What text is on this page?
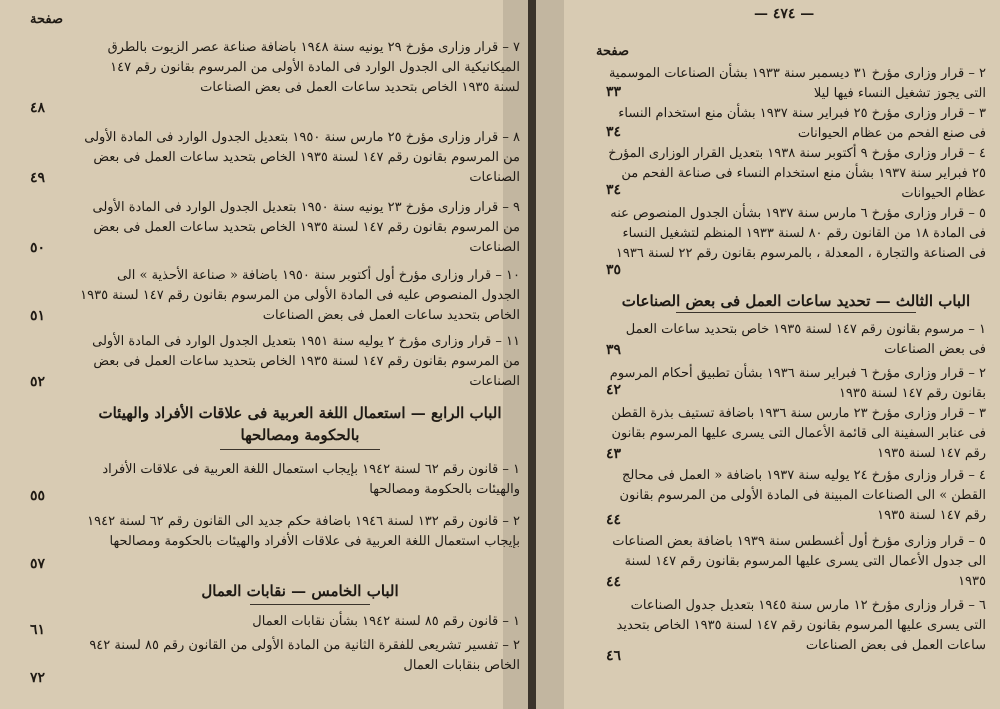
صفحة
٧ – قرار وزارى مؤرخ ٢٩ يونيه سنة ١٩٤٨ باضافة صناعة عصر الزيوت بالطرق الميكانيكية الى الجدول الوارد فى المادة الأولى من المرسوم بقانون رقم ١٤٧ لسنة ١٩٣٥ الخاص بتحديد ساعات العمل فى بعض الصناعات
٤٨
٨ – قرار وزارى مؤرخ ٢٥ مارس سنة ١٩٥٠ بتعديل الجدول الوارد فى المادة الأولى من المرسوم بقانون رقم ١٤٧ لسنة ١٩٣٥ الخاص بتحديد ساعات العمل فى بعض الصناعات
٤٩
٩ – قرار وزارى مؤرخ ٢٣ يونيه سنة ١٩٥٠ بتعديل الجدول الوارد فى المادة الأولى من المرسوم بقانون رقم ١٤٧ لسنة ١٩٣٥ الخاص بتحديد ساعات العمل فى بعض الصناعات
٥٠
١٠ – قرار وزارى مؤرخ أول أكتوبر سنة ١٩٥٠ باضافة « صناعة الأحذية » الى الجدول المنصوص عليه فى المادة الأولى من المرسوم بقانون رقم ١٤٧ لسنة ١٩٣٥ الخاص بتحديد ساعات العمل فى بعض الصناعات
٥١
١١ – قرار وزارى مؤرخ ٢ يوليه سنة ١٩٥١ بتعديل الجدول الوارد فى المادة الأولى من المرسوم بقانون رقم ١٤٧ لسنة ١٩٣٥ الخاص بتحديد ساعات العمل فى بعض الصناعات
٥٢
الباب الرابع — استعمال اللغة العربية فى علاقات الأفراد والهيئات بالحكومة ومصالحها
١ – قانون رقم ٦٢ لسنة ١٩٤٢ بإيجاب استعمال اللغة العربية فى علاقات الأفراد والهيئات بالحكومة ومصالحها
٥٥
٢ – قانون رقم ١٣٢ لسنة ١٩٤٦ باضافة حكم جديد الى القانون رقم ٦٢ لسنة ١٩٤٢ بإيجاب استعمال اللغة العربية فى علاقات الأفراد والهيئات بالحكومة ومصالحها
٥٧
الباب الخامس — نقابات العمال
١ – قانون رقم ٨٥ لسنة ١٩٤٢ بشأن نقابات العمال
٦١
٢ – تفسير تشريعى للفقرة الثانية من المادة الأولى من القانون رقم ٨٥ لسنة ٩٤٢ الخاص بنقابات العمال
٧٢
— ٤٧٤ —
صفحة
٢ – قرار وزارى مؤرخ ٣١ ديسمبر سنة ١٩٣٣ بشأن الصناعات الموسمية التى يجوز تشغيل النساء فيها ليلا
٣٣
٣ – قرار وزارى مؤرخ ٢٥ فبراير سنة ١٩٣٧ بشأن منع استخدام النساء فى صنع الفحم من عظام الحيوانات
٣٤
٤ – قرار وزارى مؤرخ ٩ أكتوبر سنة ١٩٣٨ بتعديل القرار الوزارى المؤرخ ٢٥ فبراير سنة ١٩٣٧ بشأن منع استخدام النساء فى صناعة الفحم من عظام الحيوانات
٣٤
٥ – قرار وزارى مؤرخ ٦ مارس سنة ١٩٣٧ بشأن الجدول المنصوص عنه فى المادة ١٨ من القانون رقم ٨٠ لسنة ١٩٣٣ المنظم لتشغيل النساء فى الصناعة والتجارة ، المعدلة ، بالمرسوم بقانون رقم ٢٢ لسنة ١٩٣٦
٣٥
الباب الثالث — تحديد ساعات العمل فى بعض الصناعات
١ – مرسوم بقانون رقم ١٤٧ لسنة ١٩٣٥ خاص بتحديد ساعات العمل فى بعض الصناعات
٣٩
٢ – قرار وزارى مؤرخ ٦ فبراير سنة ١٩٣٦ بشأن تطبيق أحكام المرسوم بقانون رقم ١٤٧ لسنة ١٩٣٥
٤٢
٣ – قرار وزارى مؤرخ ٢٣ مارس سنة ١٩٣٦ باضافة تستيف بذرة القطن فى عنابر السفينة الى قائمة الأعمال التى يسرى عليها المرسوم بقانون رقم ١٤٧ لسنة ١٩٣٥
٤٣
٤ – قرار وزارى مؤرخ ٢٤ يوليه سنة ١٩٣٧ باضافة « العمل فى محالج القطن » الى الصناعات المبينة فى المادة الأولى من المرسوم بقانون رقم ١٤٧ لسنة ١٩٣٥
٤٤
٥ – قرار وزارى مؤرخ أول أغسطس سنة ١٩٣٩ باضافة بعض الصناعات الى جدول الأعمال التى يسرى عليها المرسوم بقانون رقم ١٤٧ لسنة ١٩٣٥
٤٤
٦ – قرار وزارى مؤرخ ١٢ مارس سنة ١٩٤٥ بتعديل جدول الصناعات التى يسرى عليها المرسوم بقانون رقم ١٤٧ لسنة ١٩٣٥ الخاص بتحديد ساعات العمل فى بعض الصناعات
٤٦
